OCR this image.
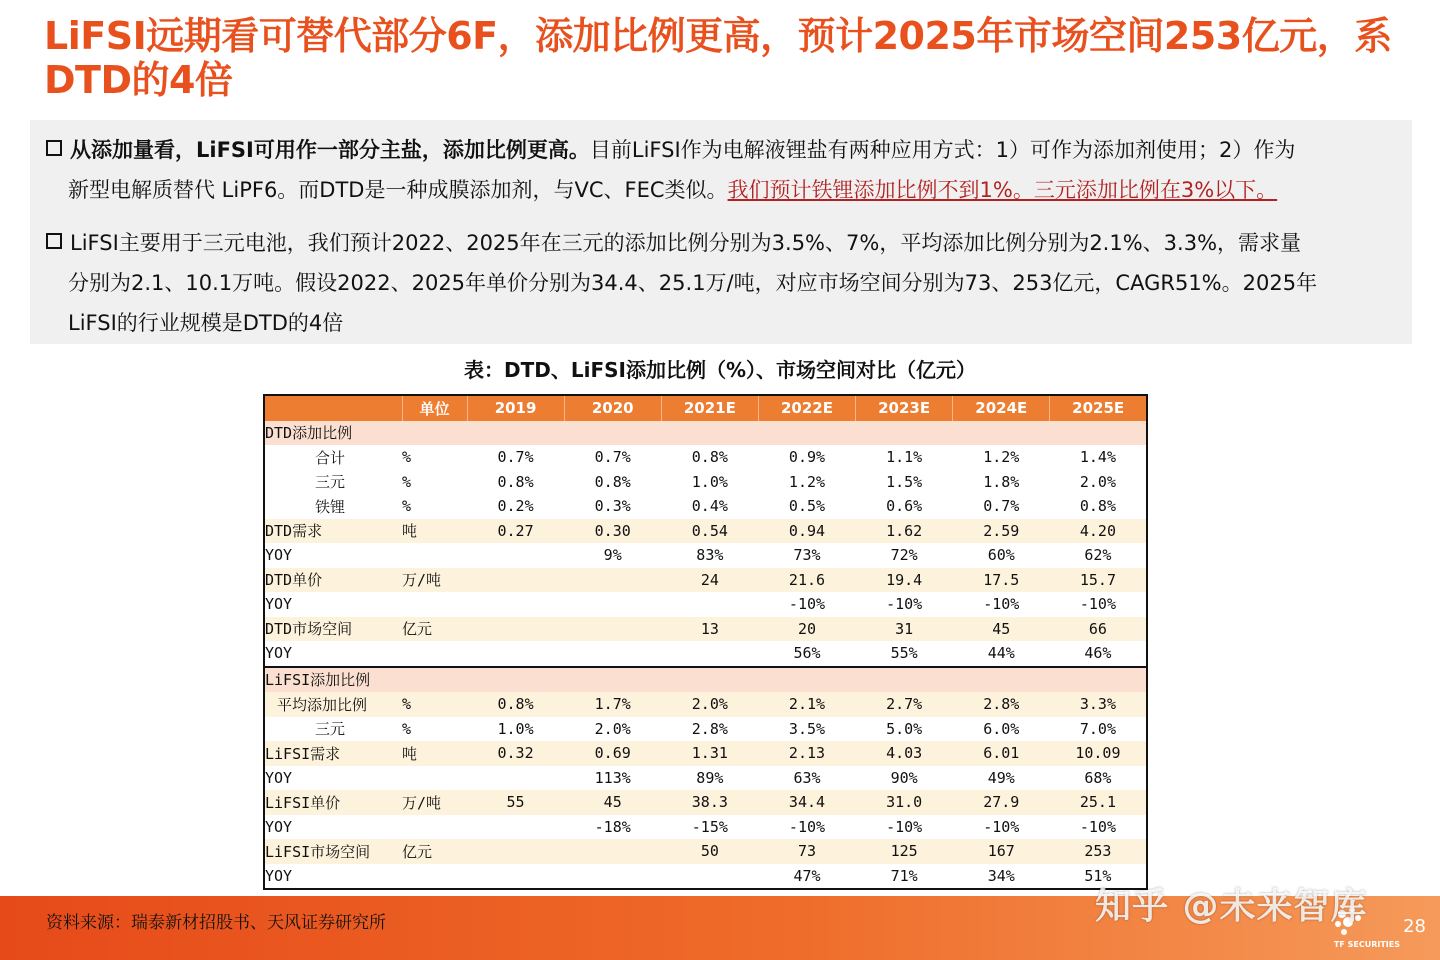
LiFSI远期看可替代部分6F，添加比例更高，预计2025年市场空间253亿元，系DTD的4倍
从添加量看，LiFSI可用作一部分主盐，添加比例更高。目前LiFSI作为电解液锂盐有两种应用方式：1）可作为添加剂使用；2）作为
新型电解质替代 LiPF6。而DTD是一种成膜添加剂，与VC、FEC类似。我们预计铁锂添加比例不到1%。三元添加比例在3%以下。
LiFSI主要用于三元电池，我们预计2022、2025年在三元的添加比例分别为3.5%、7%，平均添加比例分别为2.1%、3.3%，需求量
分别为2.1、10.1万吨。假设2022、2025年单价分别为34.4、25.1万/吨，对应市场空间分别为73、253亿元，CAGR51%。2025年
LiFSI的行业规模是DTD的4倍
表：DTD、LiFSI添加比例（%）、市场空间对比（亿元）
	单位	2019	2020	2021E	2022E	2023E	2024E	2025E
DTD添加比例								
合计	%	0.7%	0.7%	0.8%	0.9%	1.1%	1.2%	1.4%
三元	%	0.8%	0.8%	1.0%	1.2%	1.5%	1.8%	2.0%
铁锂	%	0.2%	0.3%	0.4%	0.5%	0.6%	0.7%	0.8%
DTD需求	吨	0.27	0.30	0.54	0.94	1.62	2.59	4.20
YOY			9%	83%	73%	72%	60%	62%
DTD单价	万/吨			24	21.6	19.4	17.5	15.7
YOY					-10%	-10%	-10%	-10%
DTD市场空间	亿元			13	20	31	45	66
YOY					56%	55%	44%	46%
LiFSI添加比例								
平均添加比例	%	0.8%	1.7%	2.0%	2.1%	2.7%	2.8%	3.3%
三元	%	1.0%	2.0%	2.8%	3.5%	5.0%	6.0%	7.0%
LiFSI需求	吨	0.32	0.69	1.31	2.13	4.03	6.01	10.09
YOY			113%	89%	63%	90%	49%	68%
LiFSI单价	万/吨	55	45	38.3	34.4	31.0	27.9	25.1
YOY			-18%	-15%	-10%	-10%	-10%	-10%
LiFSI市场空间	亿元			50	73	125	167	253
YOY					47%	71%	34%	51%
资料来源：瑞泰新材招股书、天风证券研究所
TF SECURITIES
28
知乎 @未来智库
